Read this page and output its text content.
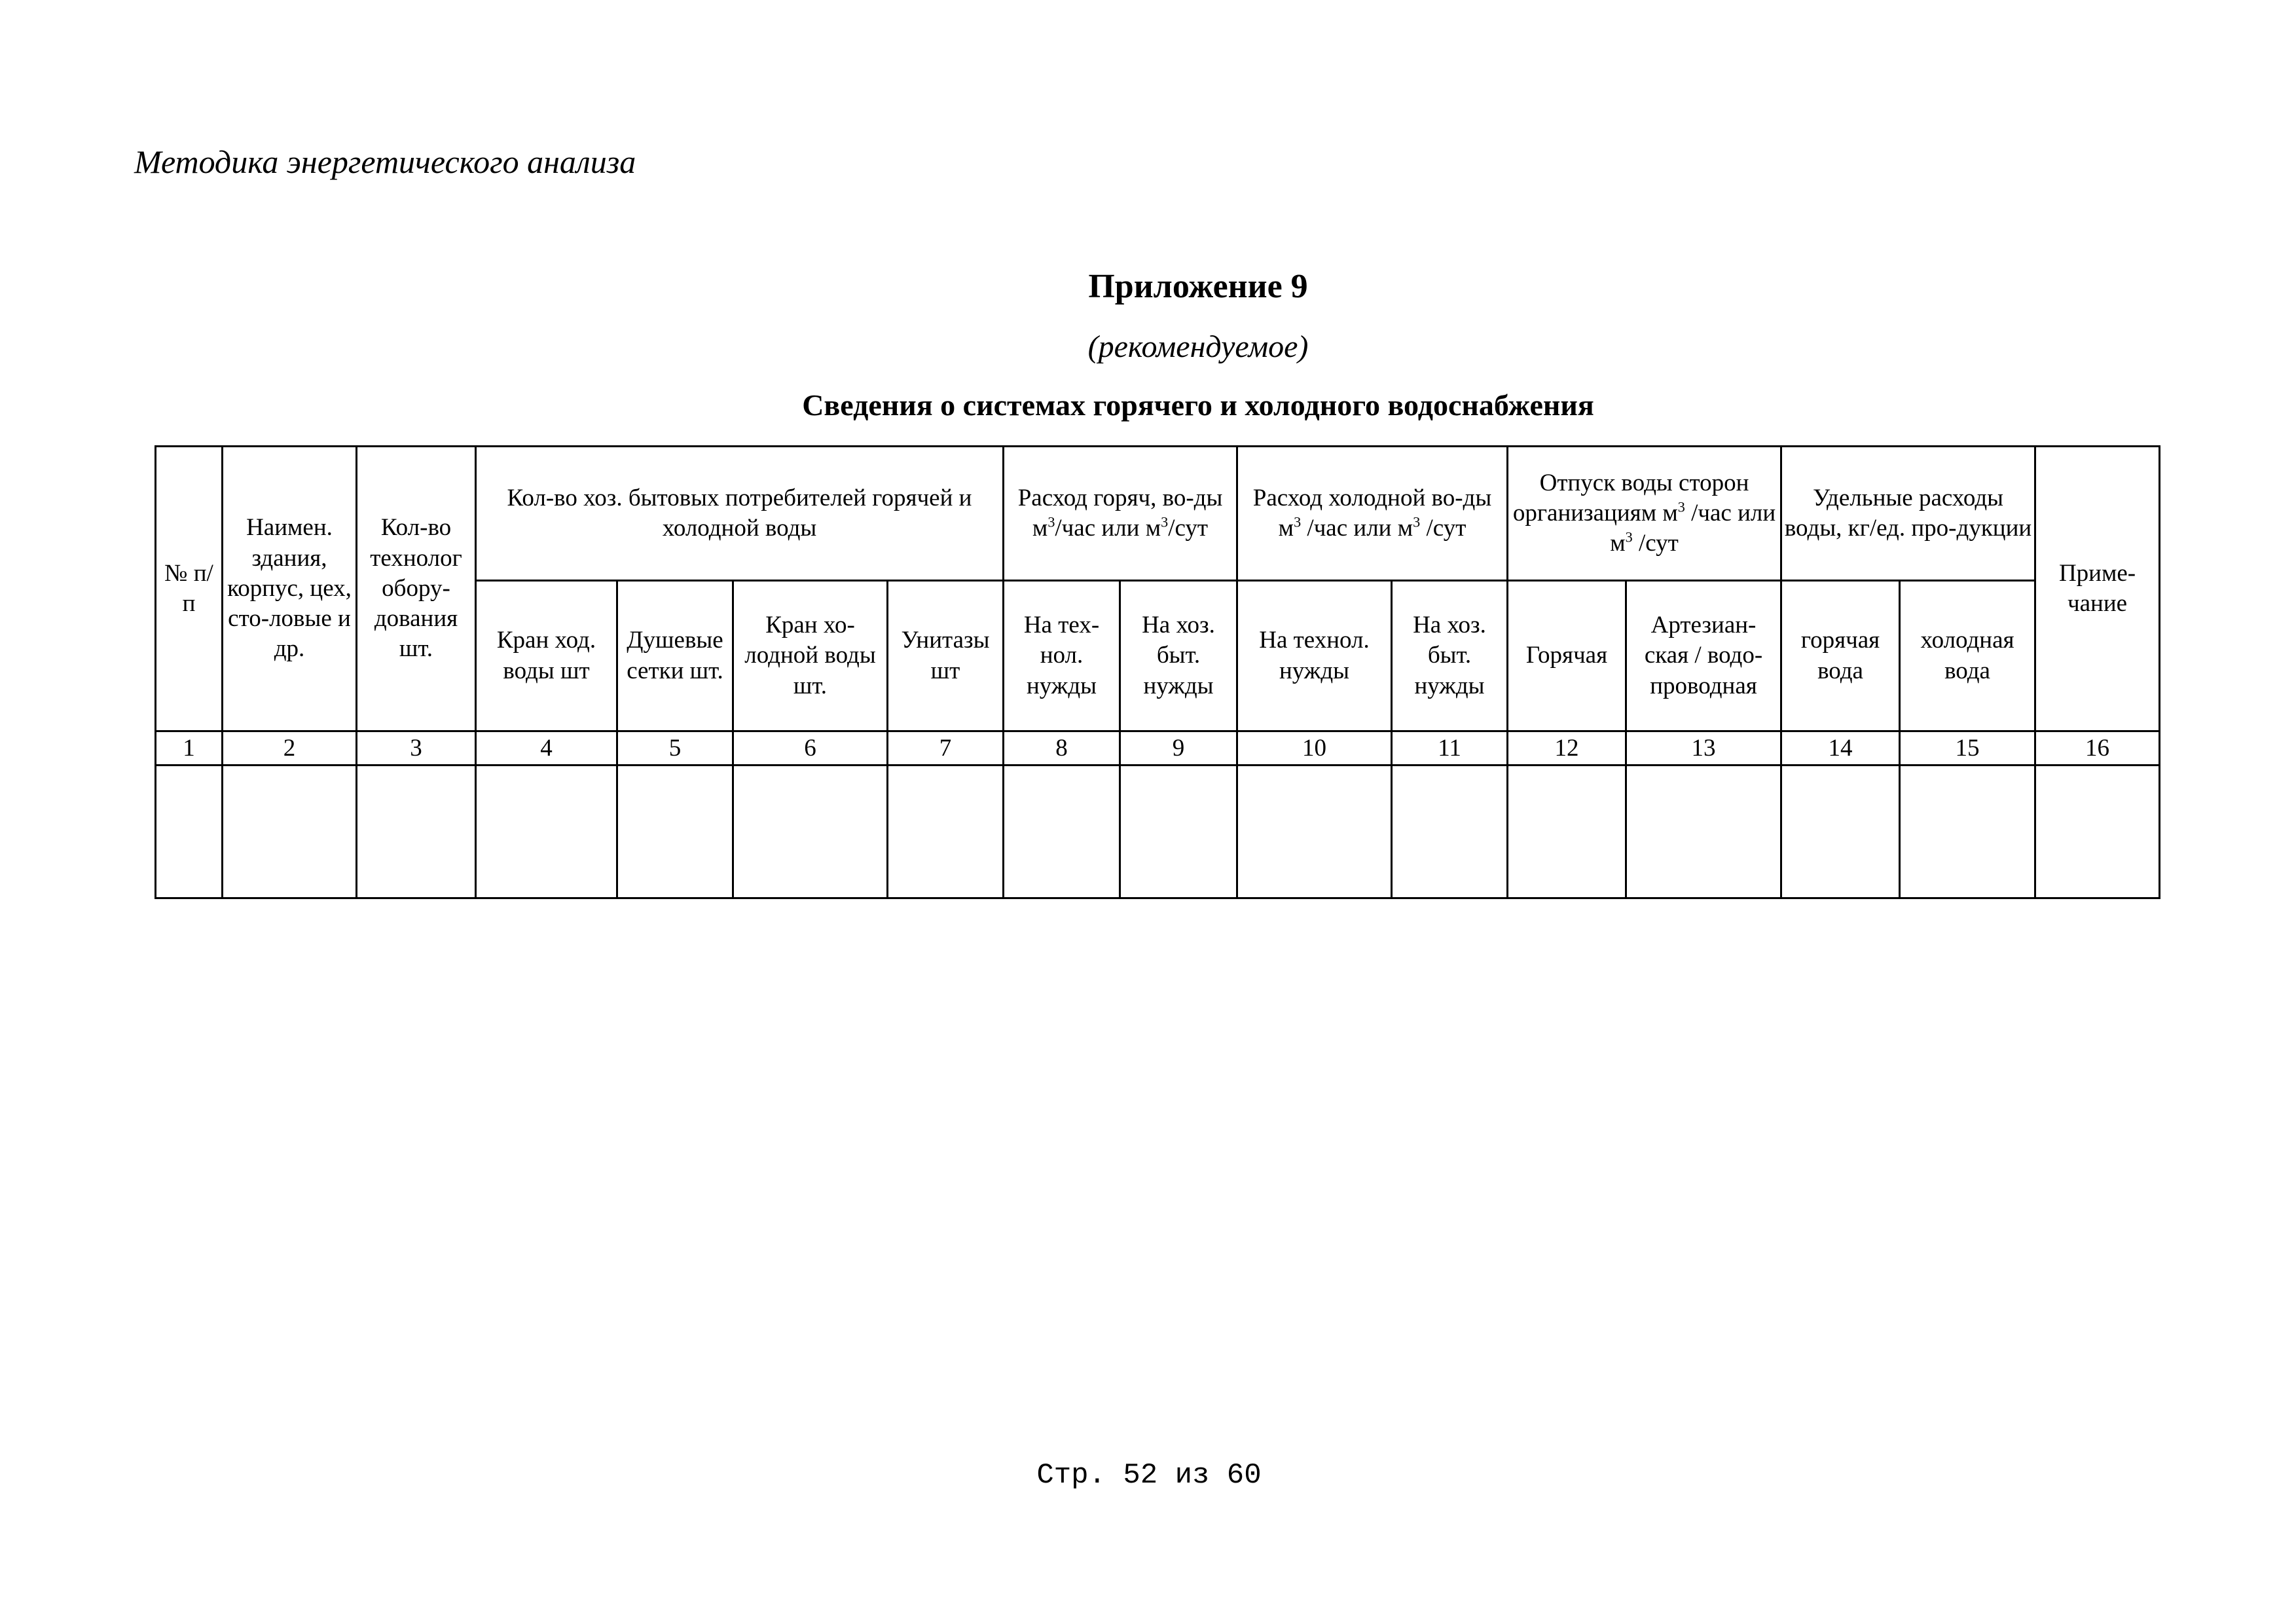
Методика энергетического анализа
Приложение 9
(рекомендуемое)
Сведения о системах горячего и холодного водоснабжения
№ п/п	Наимен. здания, корпус, цех, сто-ловые и др.	Кол-во технолог обору-дования шт.	Кол-во хоз. бытовых потребителей горячей и холодной воды				Расход горяч, во-ды $м^3$/час или $м^3$/сут		Расход холодной во-ды $м^3$ /час или $м^3$ /сут		Отпуск воды сторон организациям $м^3$ /час или $м^3$ /сут		Удельные расходы воды, кг/ед. про-дукции		Приме-чание
			Кран ход. воды шт	Душевые сетки шт.	Кран хо-лодной воды шт.	Унитазы шт	На тех-нол. нужды	На хоз. быт. нужды	На технол. нужды	На хоз. быт. нужды	Горячая	Артезиан-ская / водо-проводная	горячая вода	холодная вода	
1	2	3	4	5	6	7	8	9	10	11	12	13	14	15	16

Стр. 52 из 60
